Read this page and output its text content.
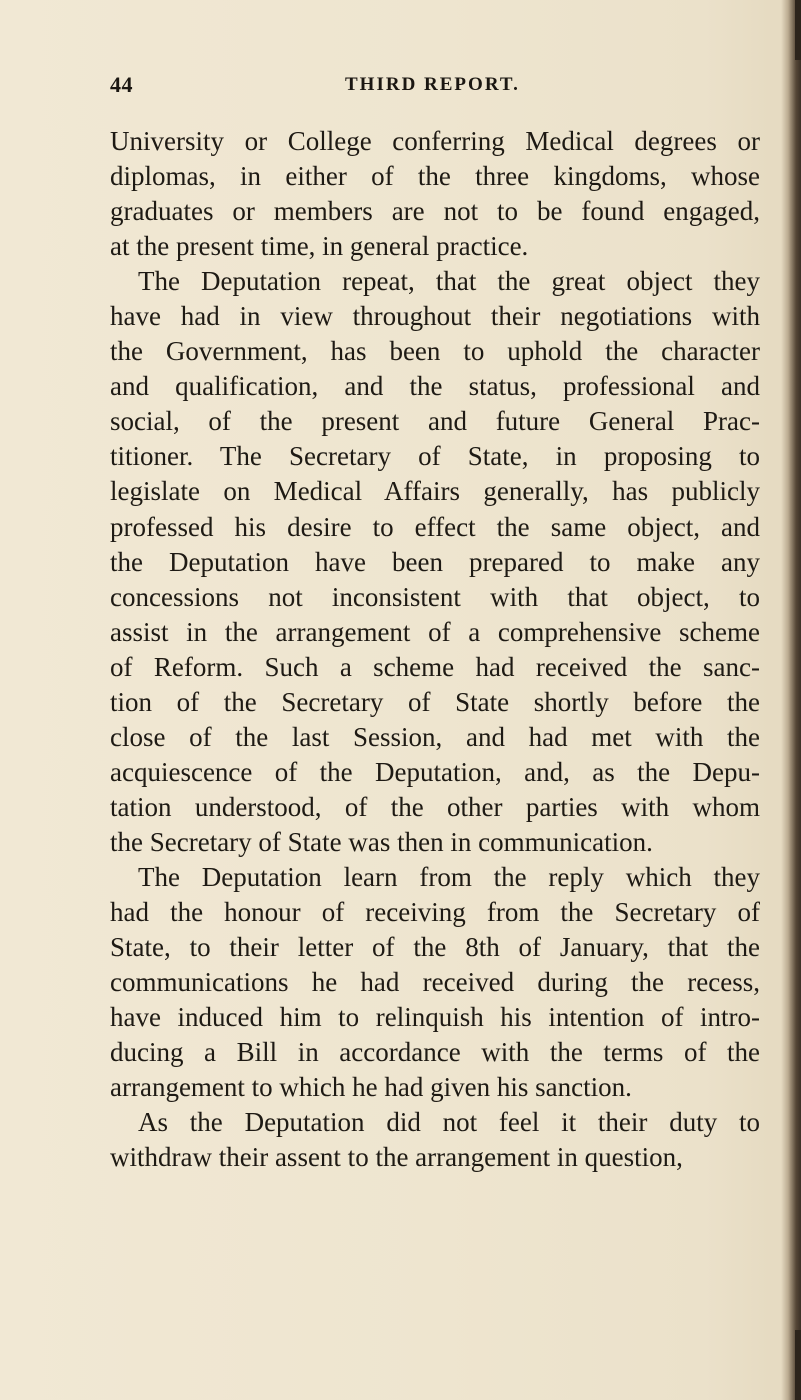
44	THIRD REPORT.
University or College conferring Medical degrees or
diplomas, in either of the three kingdoms, whose
graduates or members are not to be found engaged,
at the present time, in general practice.
The Deputation repeat, that the great object they
have had in view throughout their negotiations with
the Government, has been to uphold the character
and qualification, and the status, professional and
social, of the present and future General Prac-
titioner. The Secretary of State, in proposing to
legislate on Medical Affairs generally, has publicly
professed his desire to effect the same object, and
the Deputation have been prepared to make any
concessions not inconsistent with that object, to
assist in the arrangement of a comprehensive scheme
of Reform. Such a scheme had received the sanc-
tion of the Secretary of State shortly before the
close of the last Session, and had met with the
acquiescence of the Deputation, and, as the Depu-
tation understood, of the other parties with whom
the Secretary of State was then in communication.
The Deputation learn from the reply which they
had the honour of receiving from the Secretary of
State, to their letter of the 8th of January, that the
communications he had received during the recess,
have induced him to relinquish his intention of intro-
ducing a Bill in accordance with the terms of the
arrangement to which he had given his sanction.
As the Deputation did not feel it their duty to
withdraw their assent to the arrangement in question,
